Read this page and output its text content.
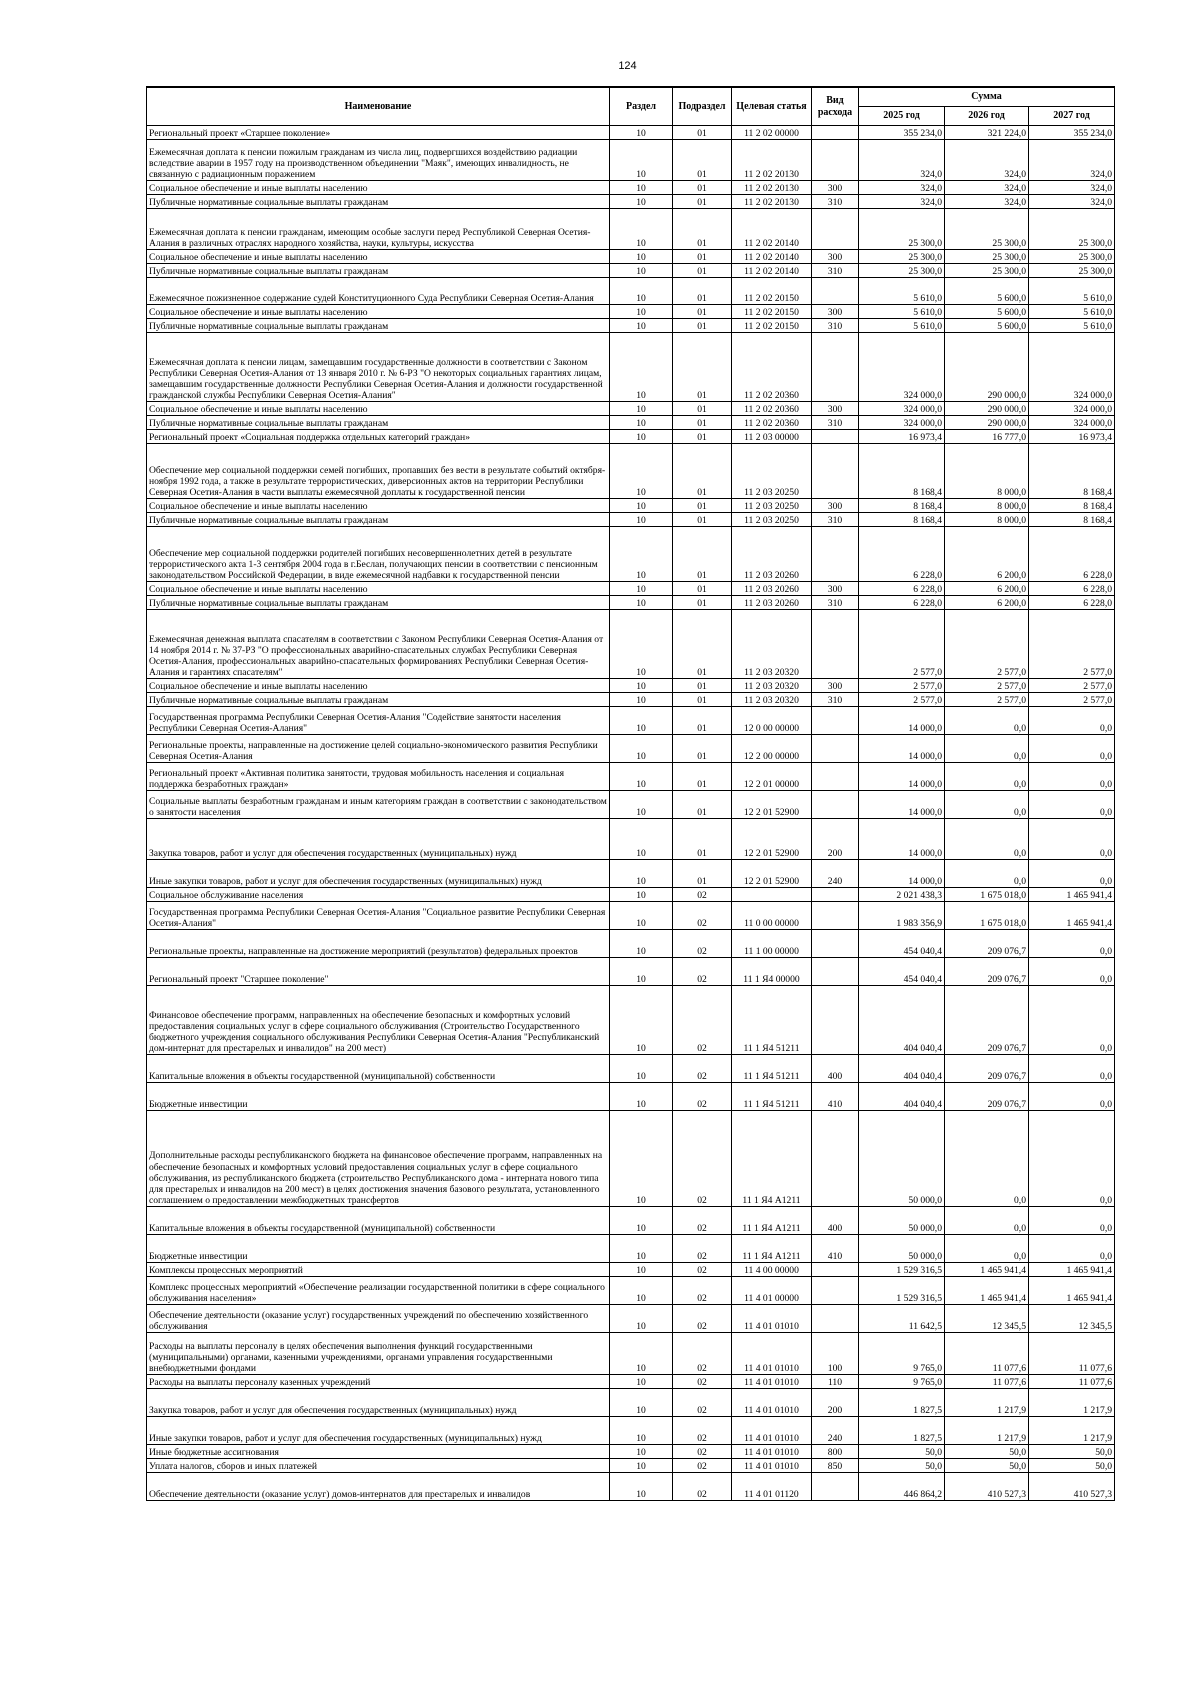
124
Наименование	Раздел	Подраздел	Целевая статья	Вид расхода	Сумма		
					2025 год	2026 год	2027 год
Региональный проект «Старшее поколение»	10	01	11 2 02 00000		355 234,0	321 224,0	355 234,0
Ежемесячная доплата к пенсии пожилым гражданам из числа лиц, подвергшихся воздействию радиации вследствие аварии в 1957 году на производственном объединении "Маяк", имеющих инвалидность, не связанную с радиационным поражением	10	01	11 2 02 20130		324,0	324,0	324,0
Социальное обеспечение и иные выплаты населению	10	01	11 2 02 20130	300	324,0	324,0	324,0
Публичные нормативные социальные выплаты гражданам	10	01	11 2 02 20130	310	324,0	324,0	324,0
Ежемесячная доплата к пенсии гражданам, имеющим особые заслуги перед Республикой Северная Осетия-Алания в различных отраслях народного хозяйства, науки, культуры, искусства	10	01	11 2 02 20140		25 300,0	25 300,0	25 300,0
Социальное обеспечение и иные выплаты населению	10	01	11 2 02 20140	300	25 300,0	25 300,0	25 300,0
Публичные нормативные социальные выплаты гражданам	10	01	11 2 02 20140	310	25 300,0	25 300,0	25 300,0
Ежемесячное пожизненное содержание судей Конституционного Суда Республики Северная Осетия-Алания	10	01	11 2 02 20150		5 610,0	5 600,0	5 610,0
Социальное обеспечение и иные выплаты населению	10	01	11 2 02 20150	300	5 610,0	5 600,0	5 610,0
Публичные нормативные социальные выплаты гражданам	10	01	11 2 02 20150	310	5 610,0	5 600,0	5 610,0
Ежемесячная доплата к пенсии лицам, замещавшим государственные должности в соответствии с Законом Республики Северная Осетия-Алания от 13 января 2010 г. № 6-РЗ "О некоторых социальных гарантиях лицам, замещавшим государственные должности Республики Северная Осетия-Алания и должности государственной гражданской службы Республики Северная Осетия-Алания"	10	01	11 2 02 20360		324 000,0	290 000,0	324 000,0
Социальное обеспечение и иные выплаты населению	10	01	11 2 02 20360	300	324 000,0	290 000,0	324 000,0
Публичные нормативные социальные выплаты гражданам	10	01	11 2 02 20360	310	324 000,0	290 000,0	324 000,0
Региональный проект «Социальная поддержка отдельных категорий граждан»	10	01	11 2 03 00000		16 973,4	16 777,0	16 973,4
Обеспечение мер социальной поддержки семей погибших, пропавших без вести в результате событий октября-ноября 1992 года, а также в результате террористических, диверсионных актов на территории Республики Северная Осетия-Алания в части выплаты ежемесячной доплаты к государственной пенсии	10	01	11 2 03 20250		8 168,4	8 000,0	8 168,4
Социальное обеспечение и иные выплаты населению	10	01	11 2 03 20250	300	8 168,4	8 000,0	8 168,4
Публичные нормативные социальные выплаты гражданам	10	01	11 2 03 20250	310	8 168,4	8 000,0	8 168,4
Обеспечение мер социальной поддержки родителей погибших несовершеннолетних детей в результате террористического акта 1-3 сентября 2004 года в г.Беслан, получающих пенсии в соответствии с пенсионным законодательством Российской Федерации, в виде ежемесячной надбавки к государственной пенсии	10	01	11 2 03 20260		6 228,0	6 200,0	6 228,0
Социальное обеспечение и иные выплаты населению	10	01	11 2 03 20260	300	6 228,0	6 200,0	6 228,0
Публичные нормативные социальные выплаты гражданам	10	01	11 2 03 20260	310	6 228,0	6 200,0	6 228,0
Ежемесячная денежная выплата спасателям в соответствии с Законом Республики Северная Осетия-Алания от 14 ноября 2014 г. № 37-РЗ "О профессиональных аварийно-спасательных службах Республики Северная Осетия-Алания, профессиональных аварийно-спасательных формированиях Республики Северная Осетия-Алания и гарантиях спасателям"	10	01	11 2 03 20320		2 577,0	2 577,0	2 577,0
Социальное обеспечение и иные выплаты населению	10	01	11 2 03 20320	300	2 577,0	2 577,0	2 577,0
Публичные нормативные социальные выплаты гражданам	10	01	11 2 03 20320	310	2 577,0	2 577,0	2 577,0
Государственная программа Республики Северная Осетия-Алания "Содействие занятости населения Республики Северная Осетия-Алания"	10	01	12 0 00 00000		14 000,0	0,0	0,0
Региональные проекты, направленные на достижение целей социально-экономического развития Республики Северная Осетия-Алания	10	01	12 2 00 00000		14 000,0	0,0	0,0
Региональный проект «Активная политика занятости, трудовая мобильность населения и социальная поддержка безработных граждан»	10	01	12 2 01 00000		14 000,0	0,0	0,0
Социальные выплаты безработным гражданам и иным категориям граждан в соответствии с законодательством о занятости населения	10	01	12 2 01 52900		14 000,0	0,0	0,0
Закупка товаров, работ и услуг для обеспечения государственных (муниципальных) нужд	10	01	12 2 01 52900	200	14 000,0	0,0	0,0
Иные закупки товаров, работ и услуг для обеспечения государственных (муниципальных) нужд	10	01	12 2 01 52900	240	14 000,0	0,0	0,0
Социальное обслуживание населения	10	02			2 021 438,3	1 675 018,0	1 465 941,4
Государственная программа Республики Северная Осетия-Алания "Социальное развитие Республики Северная Осетия-Алания"	10	02	11 0 00 00000		1 983 356,9	1 675 018,0	1 465 941,4
Региональные проекты, направленные на достижение мероприятий (результатов) федеральных проектов	10	02	11 1 00 00000		454 040,4	209 076,7	0,0
Региональный проект "Старшее поколение"	10	02	11 1 Я4 00000		454 040,4	209 076,7	0,0
Финансовое обеспечение программ, направленных на обеспечение безопасных и комфортных условий предоставления социальных услуг в сфере социального обслуживания (Строительство Государственного бюджетного учреждения социального обслуживания Республики Северная Осетия-Алания "Республиканский дом-интернат для престарелых и инвалидов" на 200 мест)	10	02	11 1 Я4 51211		404 040,4	209 076,7	0,0
Капитальные вложения в объекты государственной (муниципальной) собственности	10	02	11 1 Я4 51211	400	404 040,4	209 076,7	0,0
Бюджетные инвестиции	10	02	11 1 Я4 51211	410	404 040,4	209 076,7	0,0
Дополнительные расходы республиканского бюджета на финансовое обеспечение программ, направленных на обеспечение безопасных и комфортных условий предоставления социальных услуг в сфере социального обслуживания, из республиканского бюджета (строительство Республиканского дома - интерната нового типа для престарелых и инвалидов на 200 мест) в целях достижения значения базового результата, установленного соглашением о предоставлении межбюджетных трансфертов	10	02	11 1 Я4 А1211		50 000,0	0,0	0,0
Капитальные вложения в объекты государственной (муниципальной) собственности	10	02	11 1 Я4 А1211	400	50 000,0	0,0	0,0
Бюджетные инвестиции	10	02	11 1 Я4 А1211	410	50 000,0	0,0	0,0
Комплексы процессных мероприятий	10	02	11 4 00 00000		1 529 316,5	1 465 941,4	1 465 941,4
Комплекс процессных мероприятий «Обеспечение реализации государственной политики в сфере социального обслуживания населения»	10	02	11 4 01 00000		1 529 316,5	1 465 941,4	1 465 941,4
Обеспечение деятельности (оказание услуг) государственных учреждений по обеспечению хозяйственного обслуживания	10	02	11 4 01 01010		11 642,5	12 345,5	12 345,5
Расходы на выплаты персоналу в целях обеспечения выполнения функций государственными (муниципальными) органами, казенными учреждениями, органами управления государственными внебюджетными фондами	10	02	11 4 01 01010	100	9 765,0	11 077,6	11 077,6
Расходы на выплаты персоналу казенных учреждений	10	02	11 4 01 01010	110	9 765,0	11 077,6	11 077,6
Закупка товаров, работ и услуг для обеспечения государственных (муниципальных) нужд	10	02	11 4 01 01010	200	1 827,5	1 217,9	1 217,9
Иные закупки товаров, работ и услуг для обеспечения государственных (муниципальных) нужд	10	02	11 4 01 01010	240	1 827,5	1 217,9	1 217,9
Иные бюджетные ассигнования	10	02	11 4 01 01010	800	50,0	50,0	50,0
Уплата налогов, сборов и иных платежей	10	02	11 4 01 01010	850	50,0	50,0	50,0
Обеспечение деятельности (оказание услуг) домов-интернатов для престарелых и инвалидов	10	02	11 4 01 01120		446 864,2	410 527,3	410 527,3
